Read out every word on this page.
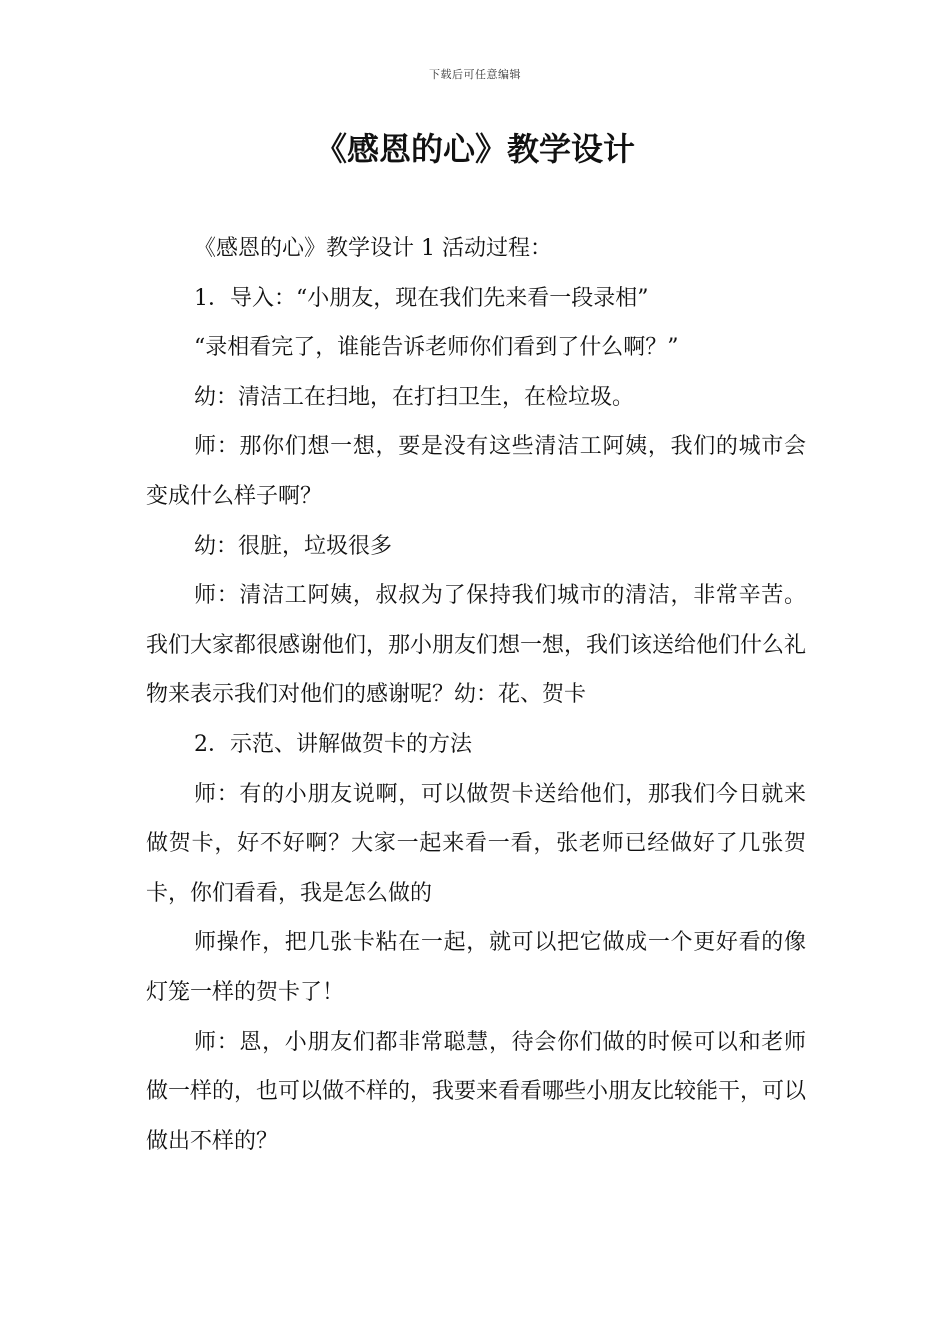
下载后可任意编辑
《感恩的心》教学设计

《感恩的心》教学设计 1 活动过程：

1．导入：“小朋友，现在我们先来看一段录相”

“录相看完了，谁能告诉老师你们看到了什么啊？”

幼：清洁工在扫地，在打扫卫生，在检垃圾。

师：那你们想一想，要是没有这些清洁工阿姨，我们的城市会变成什么样子啊？

幼：很脏，垃圾很多

师：清洁工阿姨，叔叔为了保持我们城市的清洁，非常辛苦。我们大家都很感谢他们，那小朋友们想一想，我们该送给他们什么礼物来表示我们对他们的感谢呢？幼：花、贺卡

2．示范、讲解做贺卡的方法

师：有的小朋友说啊，可以做贺卡送给他们，那我们今日就来做贺卡，好不好啊？大家一起来看一看，张老师已经做好了几张贺卡，你们看看，我是怎么做的

师操作，把几张卡粘在一起，就可以把它做成一个更好看的像灯笼一样的贺卡了！

师：恩，小朋友们都非常聪慧，待会你们做的时候可以和老师做一样的，也可以做不样的，我要来看看哪些小朋友比较能干，可以做出不样的？
